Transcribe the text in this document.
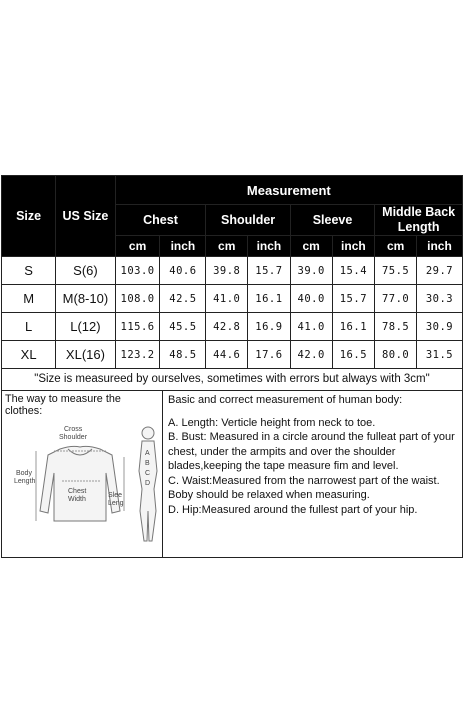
Size	US Size	Measurement							
		Chest		Shoulder		Sleeve		Middle Back Length	
		cm	inch	cm	inch	cm	inch	cm	inch
S	S(6)	103.0	40.6	39.8	15.7	39.0	15.4	75.5	29.7
M	M(8-10)	108.0	42.5	41.0	16.1	40.0	15.7	77.0	30.3
L	L(12)	115.6	45.5	42.8	16.9	41.0	16.1	78.5	30.9
XL	XL(16)	123.2	48.5	44.6	17.6	42.0	16.5	80.0	31.5
"Size is measureed by ourselves, sometimes with errors but always with 3cm"
The way to measure the clothes:
Cross
Shoulder
Body
Length
Chest
Width
Slee
Leng
A
B
C
D
Basic and correct measurement of human body:

A. Length: Verticle height from neck to toe.

B. Bust: Measured in a circle around the fulleat part of your chest, under the armpits and over the shoulder blades,keeping the tape measure fim and level.

C. Waist:Measured from the narrowest part of the waist. Boby should be relaxed when measuring.

D. Hip:Measured around the fullest part of your hip.
